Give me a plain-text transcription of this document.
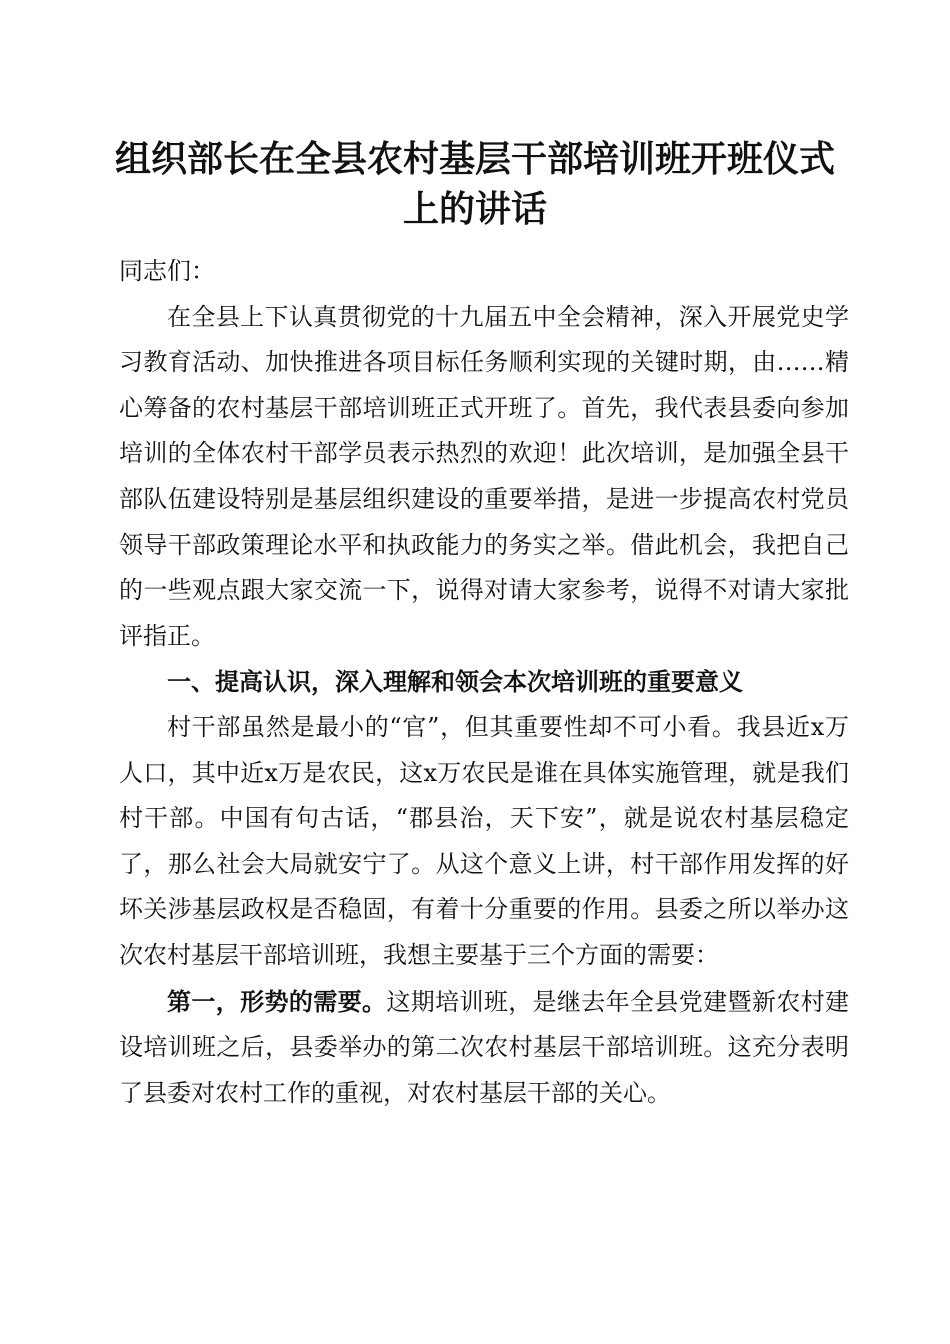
组织部长在全县农村基层干部培训班开班仪式
上的讲话

同志们：

在全县上下认真贯彻党的十九届五中全会精神，深入开展党史学习教育活动、加快推进各项目标任务顺利实现的关键时期，由……精心筹备的农村基层干部培训班正式开班了。首先，我代表县委向参加培训的全体农村干部学员表示热烈的欢迎！此次培训，是加强全县干部队伍建设特别是基层组织建设的重要举措，是进一步提高农村党员领导干部政策理论水平和执政能力的务实之举。借此机会，我把自己的一些观点跟大家交流一下，说得对请大家参考，说得不对请大家批评指正。

一、提高认识，深入理解和领会本次培训班的重要意义

村干部虽然是最小的“官”，但其重要性却不可小看。我县近x万人口，其中近x万是农民，这x万农民是谁在具体实施管理，就是我们村干部。中国有句古话，“郡县治，天下安”，就是说农村基层稳定了，那么社会大局就安宁了。从这个意义上讲，村干部作用发挥的好坏关涉基层政权是否稳固，有着十分重要的作用。县委之所以举办这次农村基层干部培训班，我想主要基于三个方面的需要：

第一，形势的需要。这期培训班，是继去年全县党建暨新农村建设培训班之后，县委举办的第二次农村基层干部培训班。这充分表明了县委对农村工作的重视，对农村基层干部的关心。
